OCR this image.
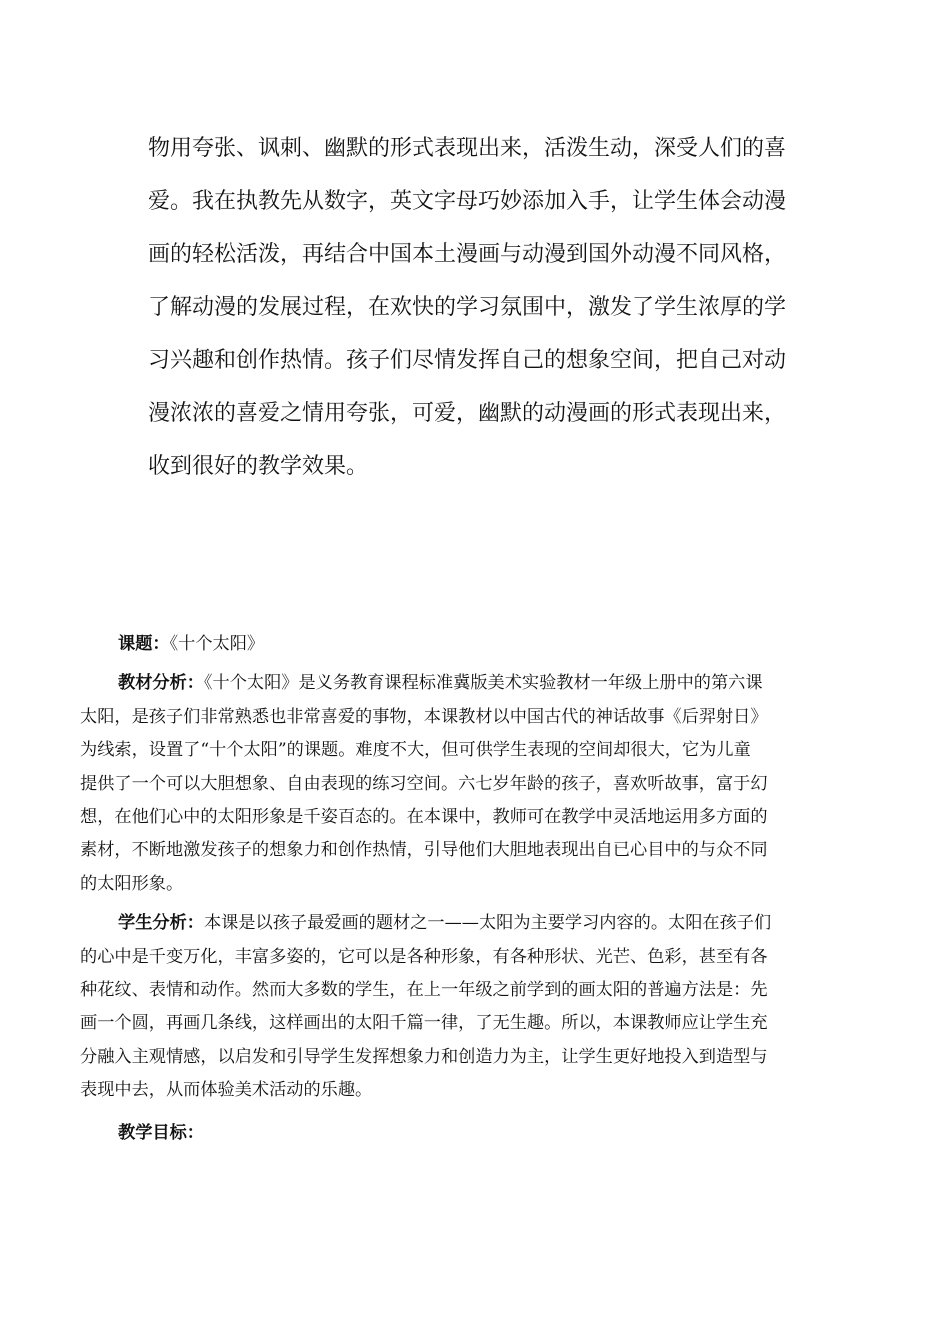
物用夸张、讽刺、幽默的形式表现出来，活泼生动，深受人们的喜
爱。我在执教先从数字，英文字母巧妙添加入手，让学生体会动漫
画的轻松活泼，再结合中国本土漫画与动漫到国外动漫不同风格，
了解动漫的发展过程，在欢快的学习氛围中，激发了学生浓厚的学
习兴趣和创作热情。孩子们尽情发挥自己的想象空间，把自己对动
漫浓浓的喜爱之情用夸张，可爱，幽默的动漫画的形式表现出来，
收到很好的教学效果。
课题：《十个太阳》
教材分析：《十个太阳》是义务教育课程标准冀版美术实验教材一年级上册中的第六课
太阳，是孩子们非常熟悉也非常喜爱的事物，本课教材以中国古代的神话故事《后羿射日》
为线索，设置了“十个太阳”的课题。难度不大，但可供学生表现的空间却很大，它为儿童
提供了一个可以大胆想象、自由表现的练习空间。六七岁年龄的孩子，喜欢听故事，富于幻
想，在他们心中的太阳形象是千姿百态的。在本课中，教师可在教学中灵活地运用多方面的
素材，不断地激发孩子的想象力和创作热情，引导他们大胆地表现出自已心目中的与众不同
的太阳形象。
学生分析：本课是以孩子最爱画的题材之一——太阳为主要学习内容的。太阳在孩子们
的心中是千变万化，丰富多姿的，它可以是各种形象，有各种形状、光芒、色彩，甚至有各
种花纹、表情和动作。然而大多数的学生，在上一年级之前学到的画太阳的普遍方法是：先
画一个圆，再画几条线，这样画出的太阳千篇一律，了无生趣。所以，本课教师应让学生充
分融入主观情感，以启发和引导学生发挥想象力和创造力为主，让学生更好地投入到造型与
表现中去，从而体验美术活动的乐趣。
教学目标：
